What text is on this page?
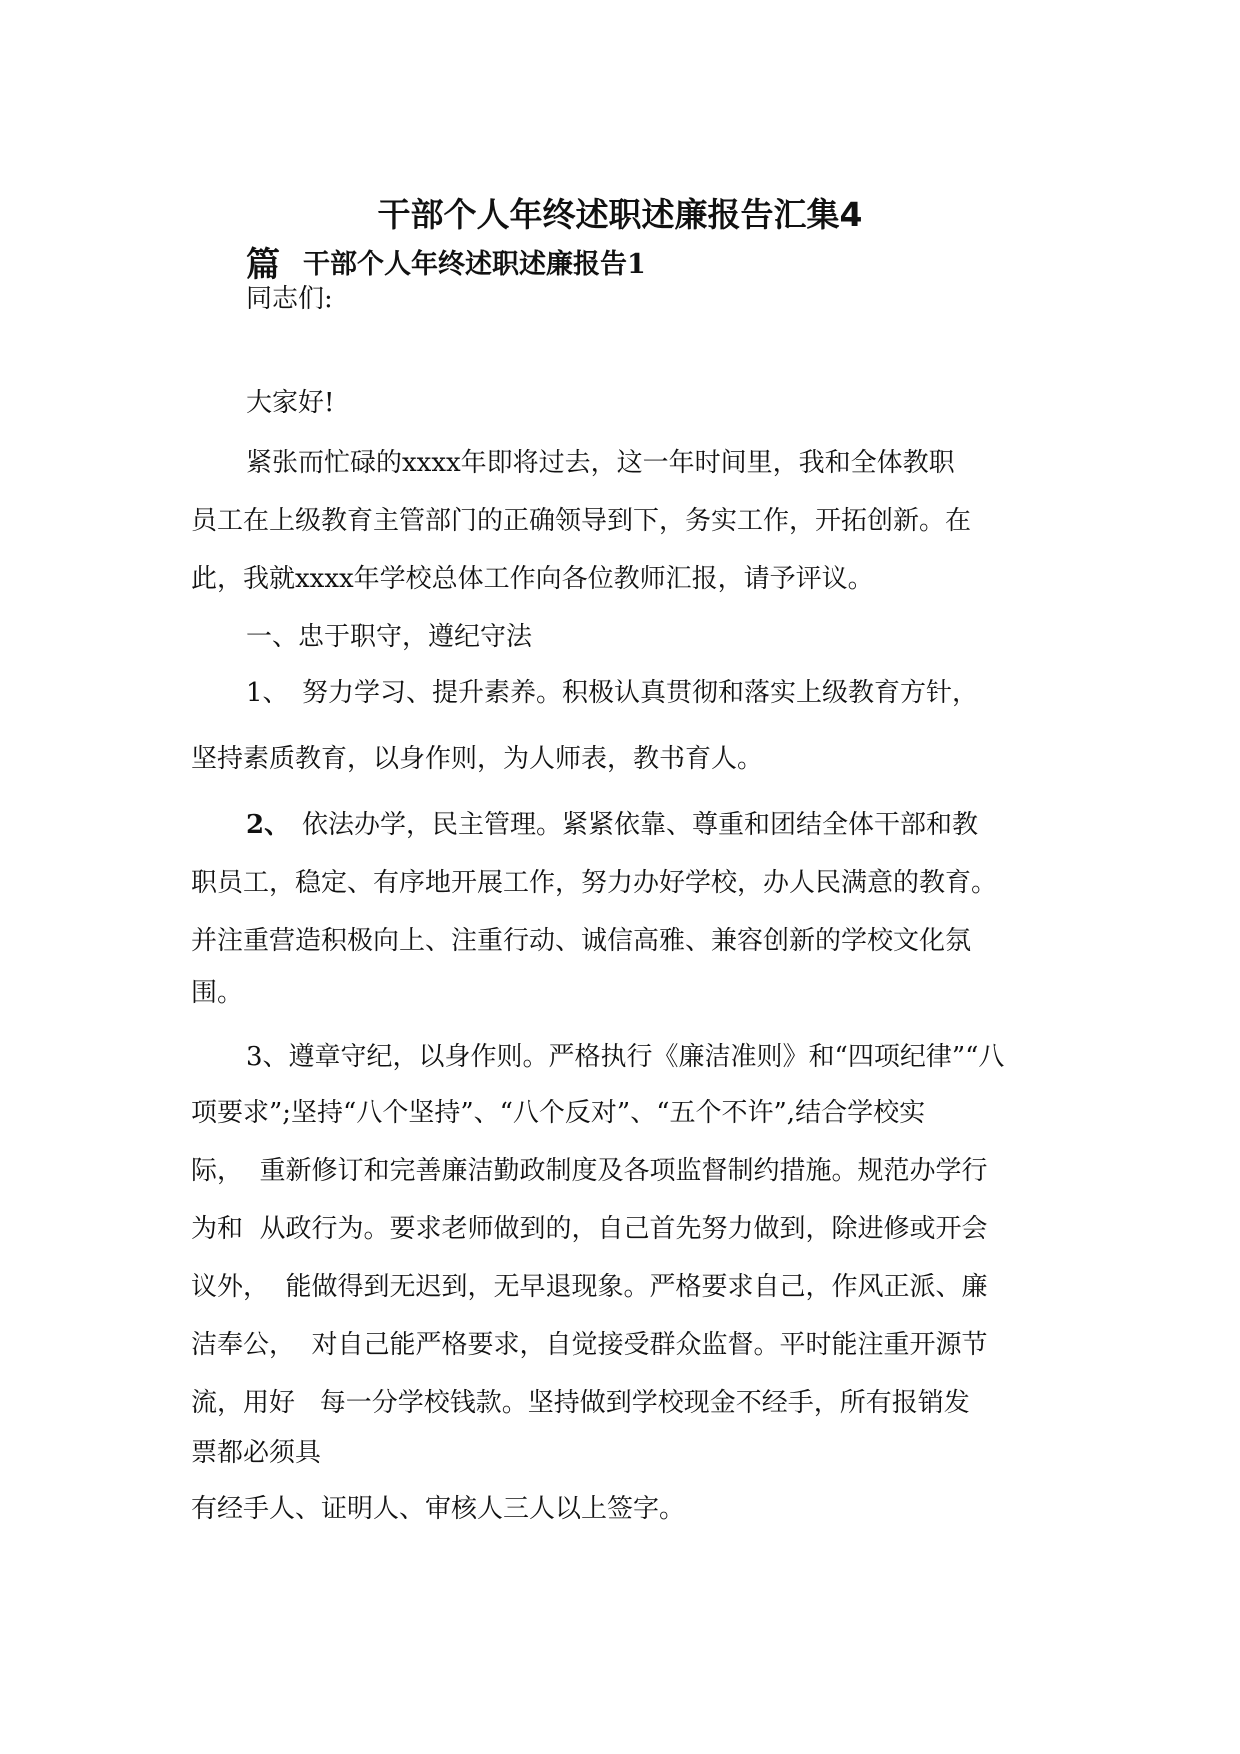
干部个人年终述职述廉报告汇集4
篇 干部个人年终述职述廉报告1
同志们:
大家好!
紧张而忙碌的xxxx年即将过去，这一年时间里，我和全体教职
员工在上级教育主管部门的正确领导到下，务实工作，开拓创新。在
此，我就xxxx年学校总体工作向各位教师汇报，请予评议。
一、忠于职守，遵纪守法
1、 努力学习、提升素养。积极认真贯彻和落实上级教育方针，
坚持素质教育，以身作则，为人师表，教书育人。
2、 依法办学，民主管理。紧紧依靠、尊重和团结全体干部和教
职员工，稳定、有序地开展工作，努力办好学校，办人民满意的教育。
并注重营造积极向上、注重行动、诚信高雅、兼容创新的学校文化氛
围。
3、遵章守纪，以身作则。严格执行《廉洁准则》和“四项纪律”“八
项要求”;坚持“八个坚持”、“八个反对”、“五个不许”,结合学校实
际，  重新修订和完善廉洁勤政制度及各项监督制约措施。规范办学行
为和  从政行为。要求老师做到的，自己首先努力做到，除进修或开会
议外，  能做得到无迟到，无早退现象。严格要求自己，作风正派、廉
洁奉公，  对自己能严格要求，自觉接受群众监督。平时能注重开源节
流，用好   每一分学校钱款。坚持做到学校现金不经手，所有报销发
票都必须具
有经手人、证明人、审核人三人以上签字。
